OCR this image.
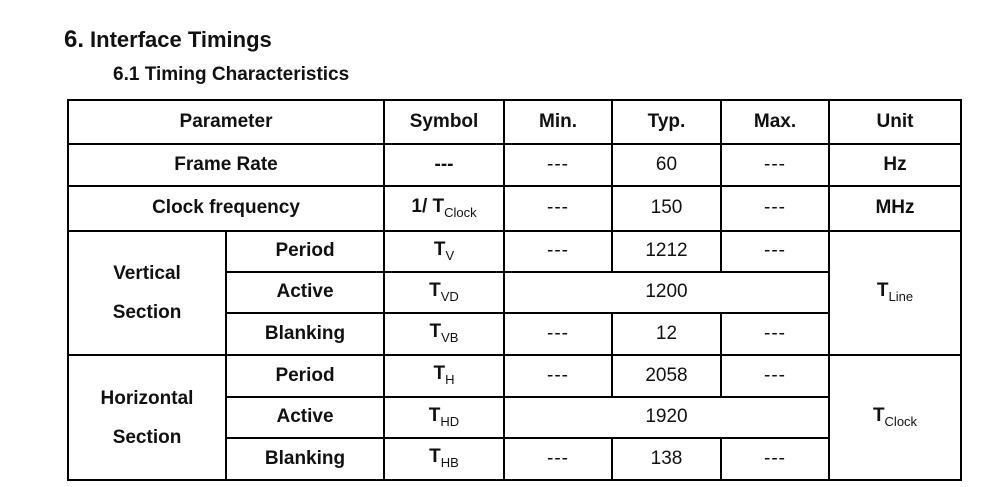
6. Interface Timings
6.1 Timing Characteristics
Parameter		Symbol	Min.	Typ.	Max.	Unit
Frame Rate		---	---	60	---	Hz
Clock frequency		1/ $T_{Clock}$	---	150	---	MHz

Vertical
Section	Period	$T_V$	---	1212	---	$T_{Line}$
	Active	$T_{VD}$	1200			
	Blanking	$T_{VB}$	---	12	---	

Horizontal
Section	Period	$T_H$	---	2058	---	$T_{Clock}$
	Active	$T_{HD}$	1920			
	Blanking	$T_{HB}$	---	138	---	
